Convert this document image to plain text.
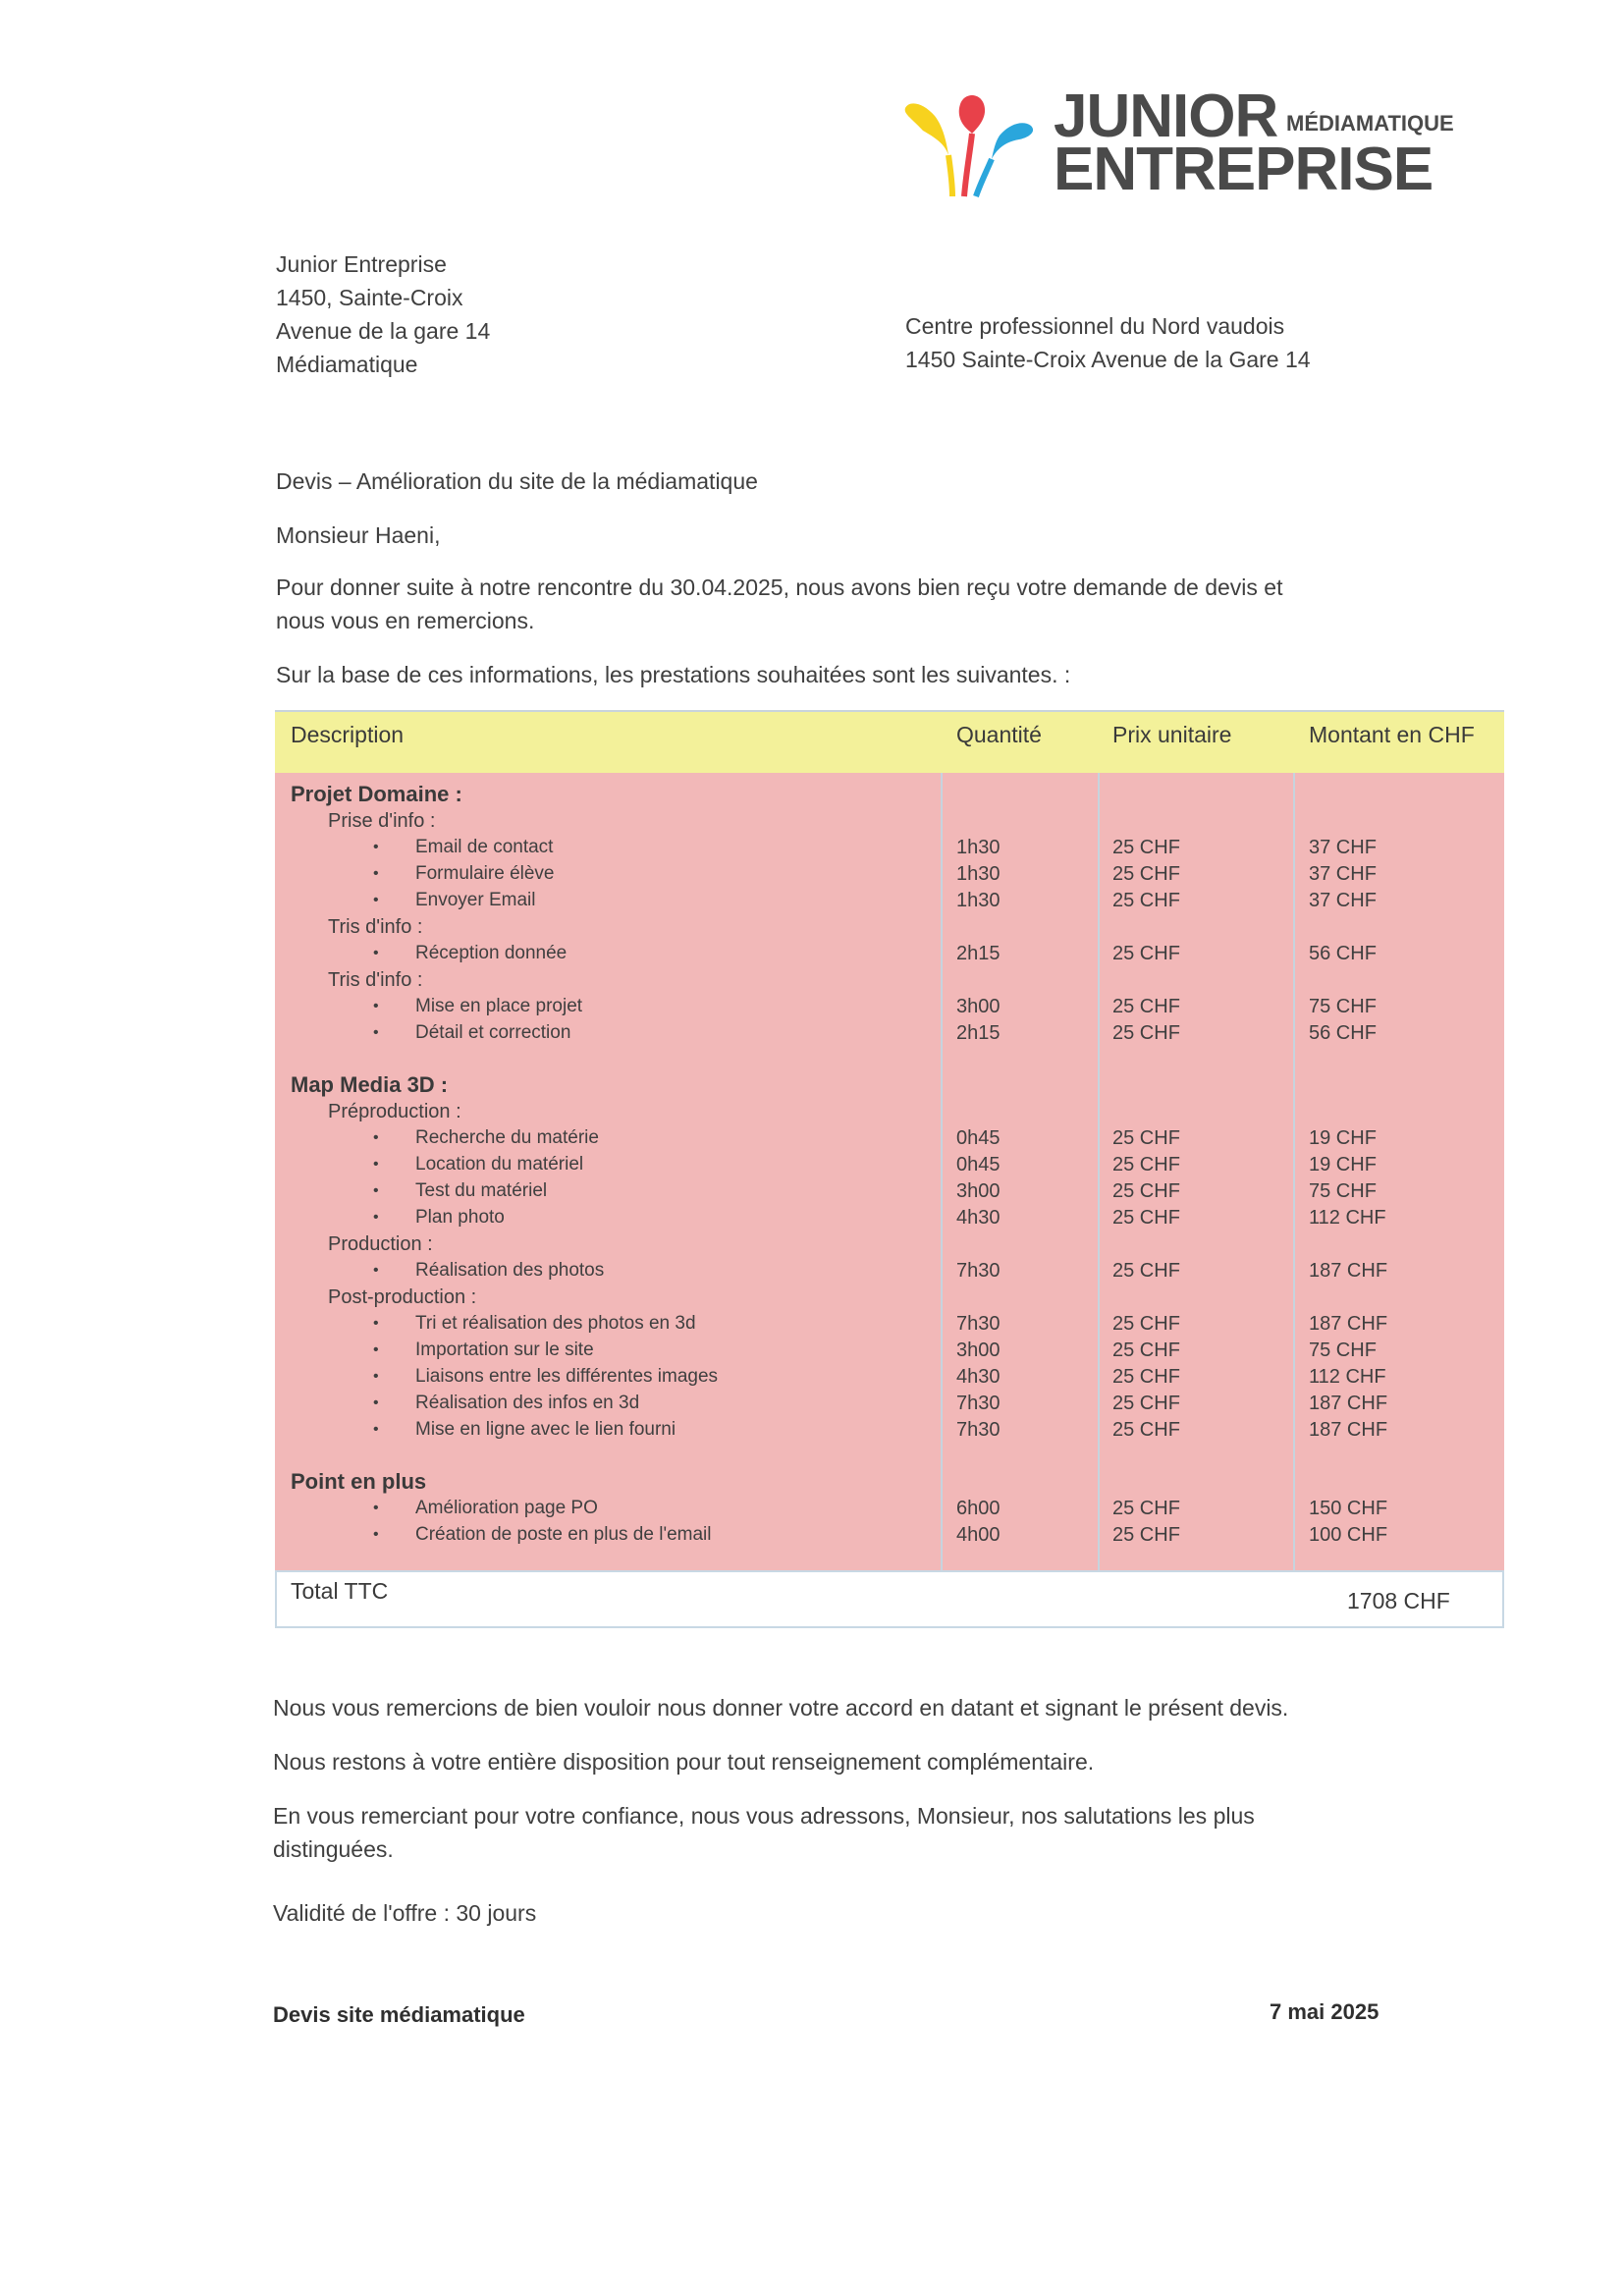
JUNIOR MÉDIAMATIQUE
ENTREPRISE
Junior Entreprise
1450, Sainte-Croix
Avenue de la gare 14
Médiamatique
Centre professionnel du Nord vaudois
1450 Sainte-Croix Avenue de la Gare 14
Devis – Amélioration du site de la médiamatique
Monsieur Haeni,
Pour donner suite à notre rencontre du 30.04.2025, nous avons bien reçu votre demande de devis et
nous vous en remercions.
Sur la base de ces informations, les prestations souhaitées sont les suivantes. :
Description	Quantité	Prix unitaire	Montant en CHF
Projet Domaine :
Prise d'info :
• Email de contact	1h30	25 CHF	37 CHF
• Formulaire élève	1h30	25 CHF	37 CHF
• Envoyer Email	1h30	25 CHF	37 CHF
Tris d'info :
• Réception donnée	2h15	25 CHF	56 CHF
Tris d'info :
• Mise en place projet	3h00	25 CHF	75 CHF
• Détail et correction	2h15	25 CHF	56 CHF
Map Media 3D :
Préproduction :
• Recherche du matérie	0h45	25 CHF	19 CHF
• Location du matériel	0h45	25 CHF	19 CHF
• Test du matériel	3h00	25 CHF	75 CHF
• Plan photo	4h30	25 CHF	112 CHF
Production :
• Réalisation des photos	7h30	25 CHF	187 CHF
Post-production :
• Tri et réalisation des photos en 3d	7h30	25 CHF	187 CHF
• Importation sur le site	3h00	25 CHF	75 CHF
• Liaisons entre les différentes images	4h30	25 CHF	112 CHF
• Réalisation des infos en 3d	7h30	25 CHF	187 CHF
• Mise en ligne avec le lien fourni	7h30	25 CHF	187 CHF
Point en plus
• Amélioration page PO	6h00	25 CHF	150 CHF
• Création de poste en plus de l'email	4h00	25 CHF	100 CHF
Total TTC	1708 CHF
Nous vous remercions de bien vouloir nous donner votre accord en datant et signant le présent devis.
Nous restons à votre entière disposition pour tout renseignement complémentaire.
En vous remerciant pour votre confiance, nous vous adressons, Monsieur, nos salutations les plus
distinguées.
Validité de l'offre : 30 jours
Devis site médiamatique	7 mai 2025
